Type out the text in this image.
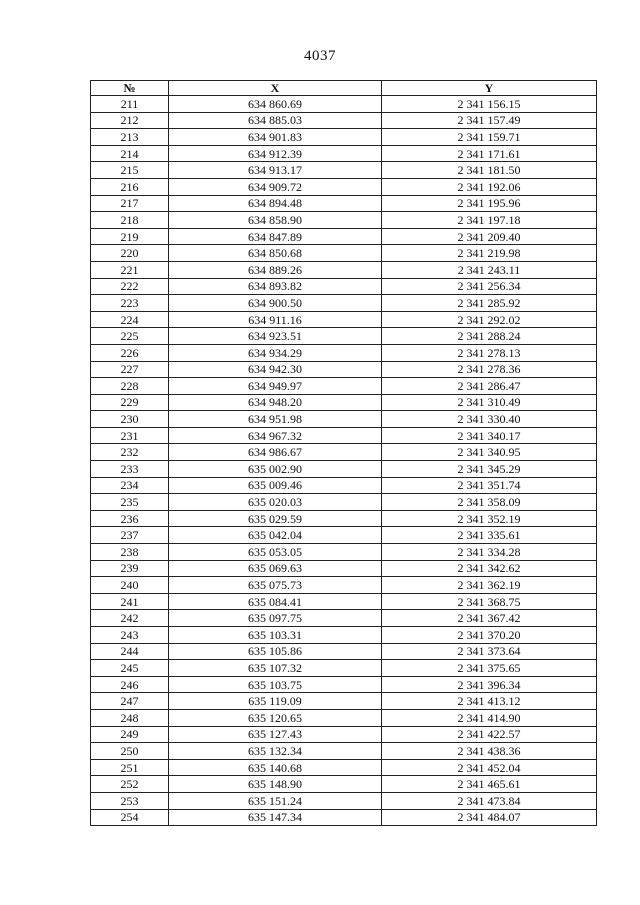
4037
№	X	Y
211	634 860.69	2 341 156.15
212	634 885.03	2 341 157.49
213	634 901.83	2 341 159.71
214	634 912.39	2 341 171.61
215	634 913.17	2 341 181.50
216	634 909.72	2 341 192.06
217	634 894.48	2 341 195.96
218	634 858.90	2 341 197.18
219	634 847.89	2 341 209.40
220	634 850.68	2 341 219.98
221	634 889.26	2 341 243.11
222	634 893.82	2 341 256.34
223	634 900.50	2 341 285.92
224	634 911.16	2 341 292.02
225	634 923.51	2 341 288.24
226	634 934.29	2 341 278.13
227	634 942.30	2 341 278.36
228	634 949.97	2 341 286.47
229	634 948.20	2 341 310.49
230	634 951.98	2 341 330.40
231	634 967.32	2 341 340.17
232	634 986.67	2 341 340.95
233	635 002.90	2 341 345.29
234	635 009.46	2 341 351.74
235	635 020.03	2 341 358.09
236	635 029.59	2 341 352.19
237	635 042.04	2 341 335.61
238	635 053.05	2 341 334.28
239	635 069.63	2 341 342.62
240	635 075.73	2 341 362.19
241	635 084.41	2 341 368.75
242	635 097.75	2 341 367.42
243	635 103.31	2 341 370.20
244	635 105.86	2 341 373.64
245	635 107.32	2 341 375.65
246	635 103.75	2 341 396.34
247	635 119.09	2 341 413.12
248	635 120.65	2 341 414.90
249	635 127.43	2 341 422.57
250	635 132.34	2 341 438.36
251	635 140.68	2 341 452.04
252	635 148.90	2 341 465.61
253	635 151.24	2 341 473.84
254	635 147.34	2 341 484.07
